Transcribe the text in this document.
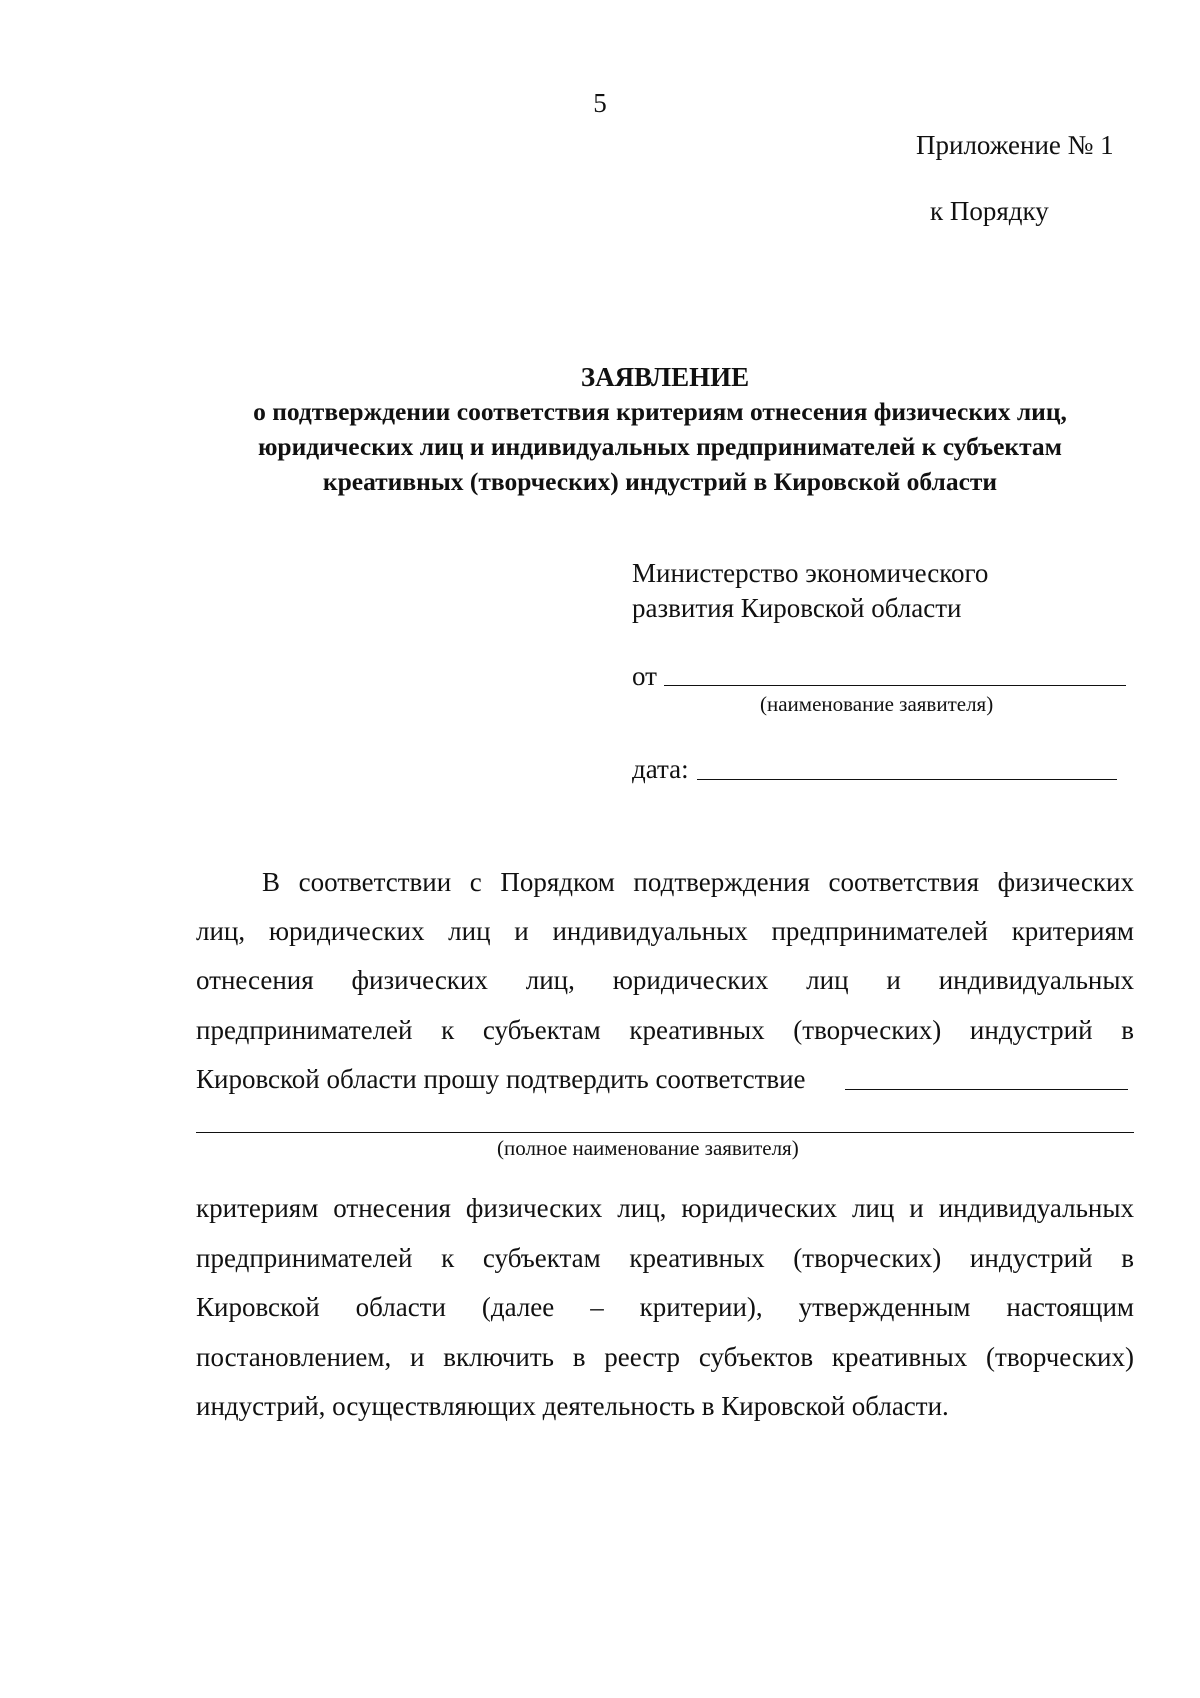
5
Приложение № 1
к Порядку
ЗАЯВЛЕНИЕ
о подтверждении соответствия критериям отнесения физических лиц,
юридических лиц и индивидуальных предпринимателей к субъектам
креативных (творческих) индустрий в Кировской области
Министерство экономического
развития Кировской области
от
(наименование заявителя)
дата:
В соответствии с Порядком подтверждения соответствия физических
лиц, юридических лиц и индивидуальных предпринимателей критериям
отнесения физических лиц, юридических лиц и индивидуальных
предпринимателей к субъектам креативных (творческих) индустрий в
Кировской области прошу подтвердить соответствие
(полное наименование заявителя)
критериям отнесения физических лиц, юридических лиц и индивидуальных
предпринимателей к субъектам креативных (творческих) индустрий в
Кировской области (далее – критерии), утвержденным настоящим
постановлением, и включить в реестр субъектов креативных (творческих)
индустрий, осуществляющих деятельность в Кировской области.
